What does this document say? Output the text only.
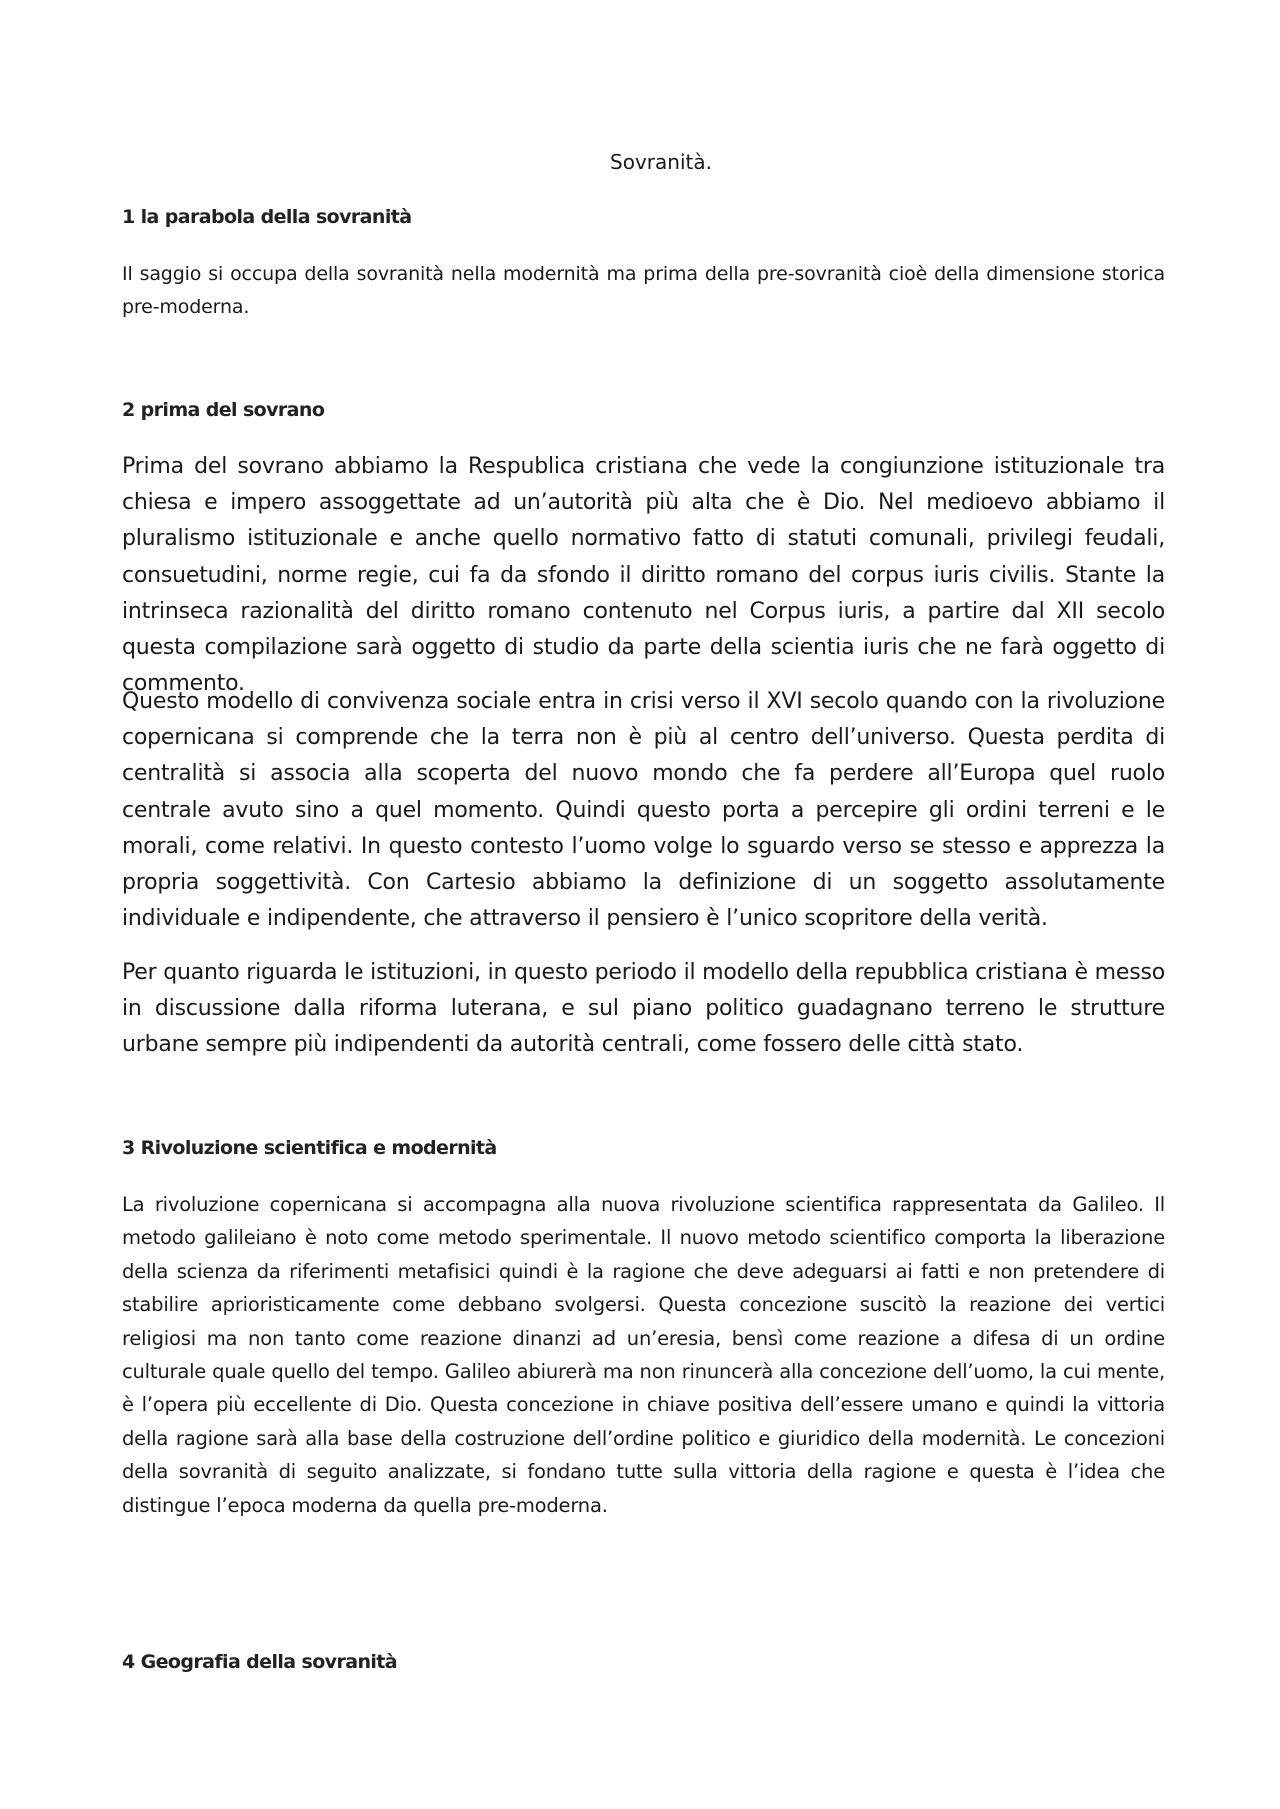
Sovranità.
1 la parabola della sovranità

Il saggio si occupa della sovranità nella modernità ma prima della pre-sovranità cioè della dimensione storica pre-moderna.

2 prima del sovrano

Prima del sovrano abbiamo la Respublica cristiana che vede la congiunzione istituzionale tra chiesa e impero assoggettate ad un’autorità più alta che è Dio. Nel medioevo abbiamo il pluralismo istituzionale e anche quello normativo fatto di statuti comunali, privilegi feudali, consuetudini, norme regie, cui fa da sfondo il diritto romano del corpus iuris civilis. Stante la intrinseca razionalità del diritto romano contenuto nel Corpus iuris, a partire dal XII secolo questa compilazione sarà oggetto di studio da parte della scientia iuris che ne farà oggetto di commento.

Questo modello di convivenza sociale entra in crisi verso il XVI secolo quando con la rivoluzione copernicana si comprende che la terra non è più al centro dell’universo. Questa perdita di centralità si associa alla scoperta del nuovo mondo che fa perdere all’Europa quel ruolo centrale avuto sino a quel momento. Quindi questo porta a percepire gli ordini terreni e le morali, come relativi. In questo contesto l’uomo volge lo sguardo verso se stesso e apprezza la propria soggettività. Con Cartesio abbiamo la definizione di un soggetto assolutamente individuale e indipendente, che attraverso il pensiero è l’unico scopritore della verità.

Per quanto riguarda le istituzioni, in questo periodo il modello della repubblica cristiana è messo in discussione dalla riforma luterana, e sul piano politico guadagnano terreno le strutture urbane sempre più indipendenti da autorità centrali, come fossero delle città stato.

3 Rivoluzione scientifica e modernità

La rivoluzione copernicana si accompagna alla nuova rivoluzione scientifica rappresentata da Galileo. Il metodo galileiano è noto come metodo sperimentale. Il nuovo metodo scientifico comporta la liberazione della scienza da riferimenti metafisici quindi è la ragione che deve adeguarsi ai fatti e non pretendere di stabilire aprioristicamente come debbano svolgersi. Questa concezione suscitò la reazione dei vertici religiosi ma non tanto come reazione dinanzi ad un’eresia, bensì come reazione a difesa di un ordine culturale quale quello del tempo. Galileo abiurerà ma non rinuncerà alla concezione dell’uomo, la cui mente, è l’opera più eccellente di Dio. Questa concezione in chiave positiva dell’essere umano e quindi la vittoria della ragione sarà alla base della costruzione dell’ordine politico e giuridico della modernità. Le concezioni della sovranità di seguito analizzate, si fondano tutte sulla vittoria della ragione e questa è l’idea che distingue l’epoca moderna da quella pre-moderna.

4 Geografia della sovranità
